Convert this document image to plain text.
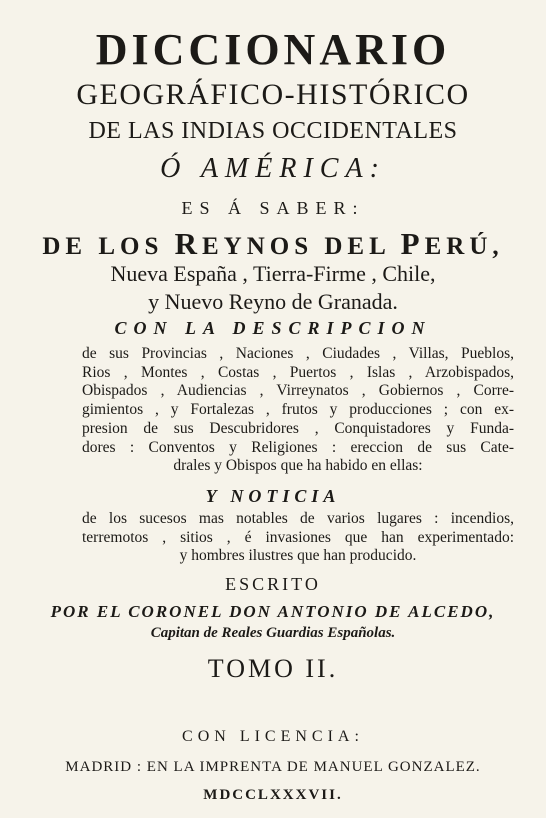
DICCIONARIO
GEOGRÁFICO-HISTÓRICO
DE LAS INDIAS OCCIDENTALES
Ó AMÉRICA:
ES Á SABER:
DE LOS REYNOS DEL PERÚ,
Nueva España , Tierra-Firme , Chile,
y Nuevo Reyno de Granada.
CON LA DESCRIPCION
de sus Provincias , Naciones , Ciudades , Villas, Pueblos,
Rios , Montes , Costas , Puertos , Islas , Arzobispados,
Obispados , Audiencias , Virreynatos , Gobiernos , Corre-
gimientos , y Fortalezas , frutos y producciones ; con ex-
presion de sus Descubridores , Conquistadores y Funda-
dores : Conventos y Religiones : ereccion de sus Cate-
drales y Obispos que ha habido en ellas:
Y NOTICIA
de los sucesos mas notables de varios lugares : incendios,
terremotos , sitios , é invasiones que han experimentado:
y hombres ilustres que han producido.
ESCRITO
POR EL CORONEL DON ANTONIO DE ALCEDO,
Capitan de Reales Guardias Españolas.
TOMO II.
CON LICENCIA:
MADRID : EN LA IMPRENTA DE MANUEL GONZALEZ.
MDCCLXXXVII.
